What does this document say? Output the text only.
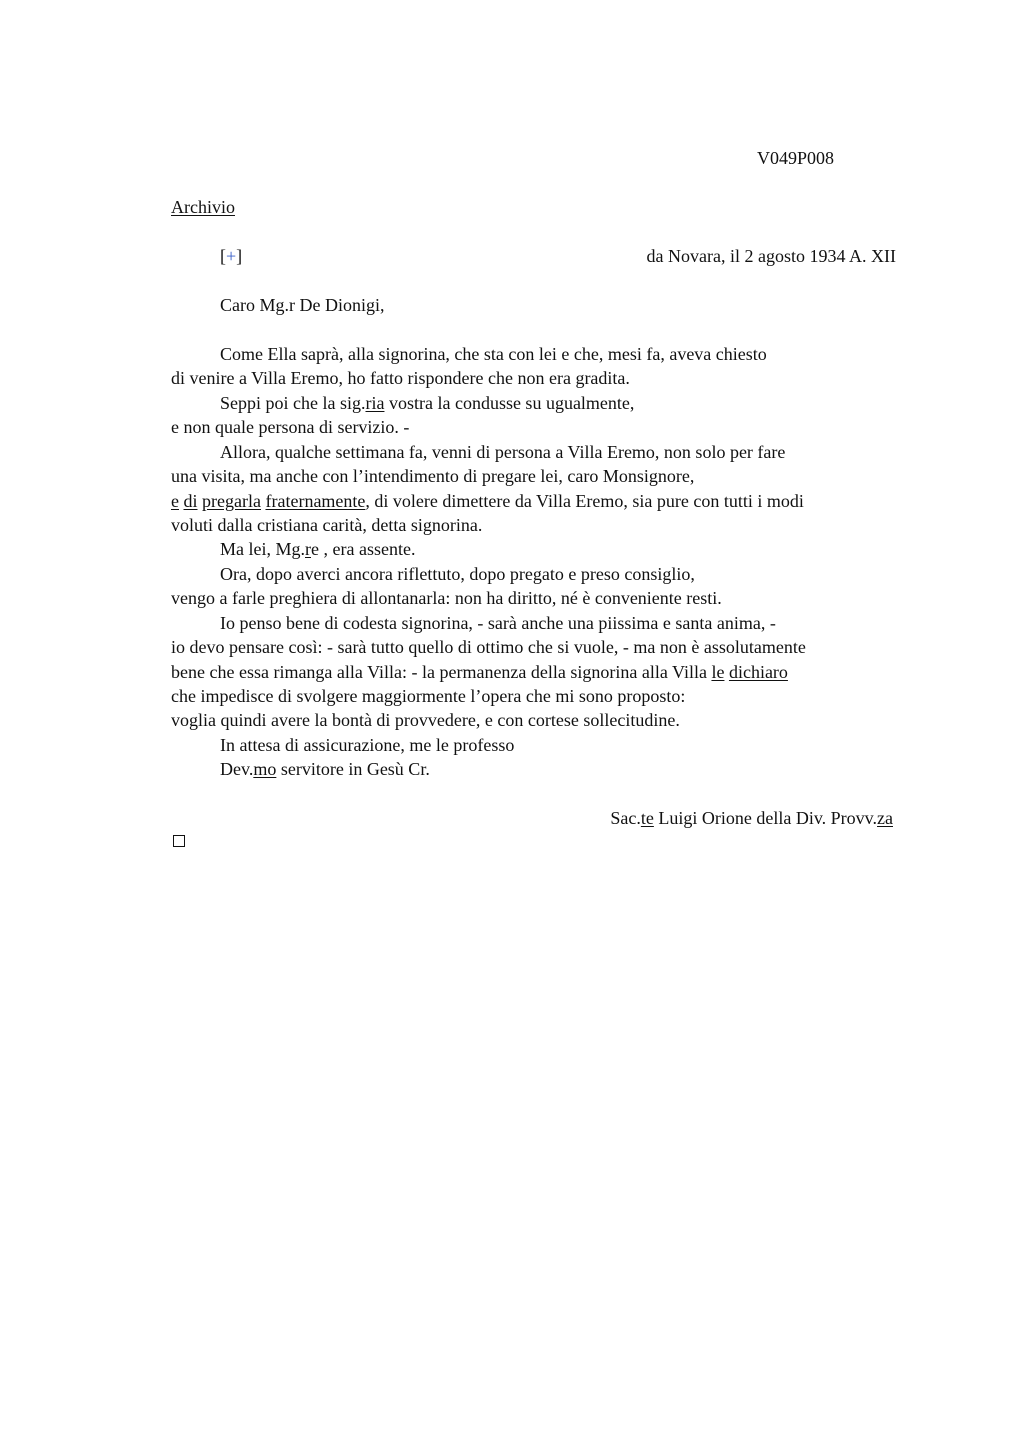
V049P008
Archivio
[+]	da Novara, il 2 agosto 1934 A. XII
Caro Mg.r De Dionigi,
Come Ella saprà, alla signorina, che sta con lei e che, mesi fa, aveva chiesto
di venire a Villa Eremo, ho fatto rispondere che non era gradita.
Seppi poi che la sig.ria vostra la condusse su ugualmente,
e non quale persona di servizio. -
Allora, qualche settimana fa, venni di persona a Villa Eremo, non solo per fare
una visita, ma anche con l’intendimento di pregare lei, caro Monsignore,
e di pregarla fraternamente, di volere dimettere da Villa Eremo, sia pure con tutti i modi
voluti dalla cristiana carità, detta signorina.
Ma lei, Mg.re , era assente.
Ora, dopo averci ancora riflettuto, dopo pregato e preso consiglio,
vengo a farle preghiera di allontanarla: non ha diritto, né è conveniente resti.
Io penso bene di codesta signorina, - sarà anche una piissima e santa anima, -
io devo pensare così: - sarà tutto quello di ottimo che si vuole, - ma non è assolutamente
bene che essa rimanga alla Villa: - la permanenza della signorina alla Villa le dichiaro
che impedisce di svolgere maggiormente l’opera che mi sono proposto:
voglia quindi avere la bontà di provvedere, e con cortese sollecitudine.
In attesa di assicurazione, me le professo
Dev.mo servitore in Gesù Cr.
Sac.te Luigi Orione della Div. Provv.za
